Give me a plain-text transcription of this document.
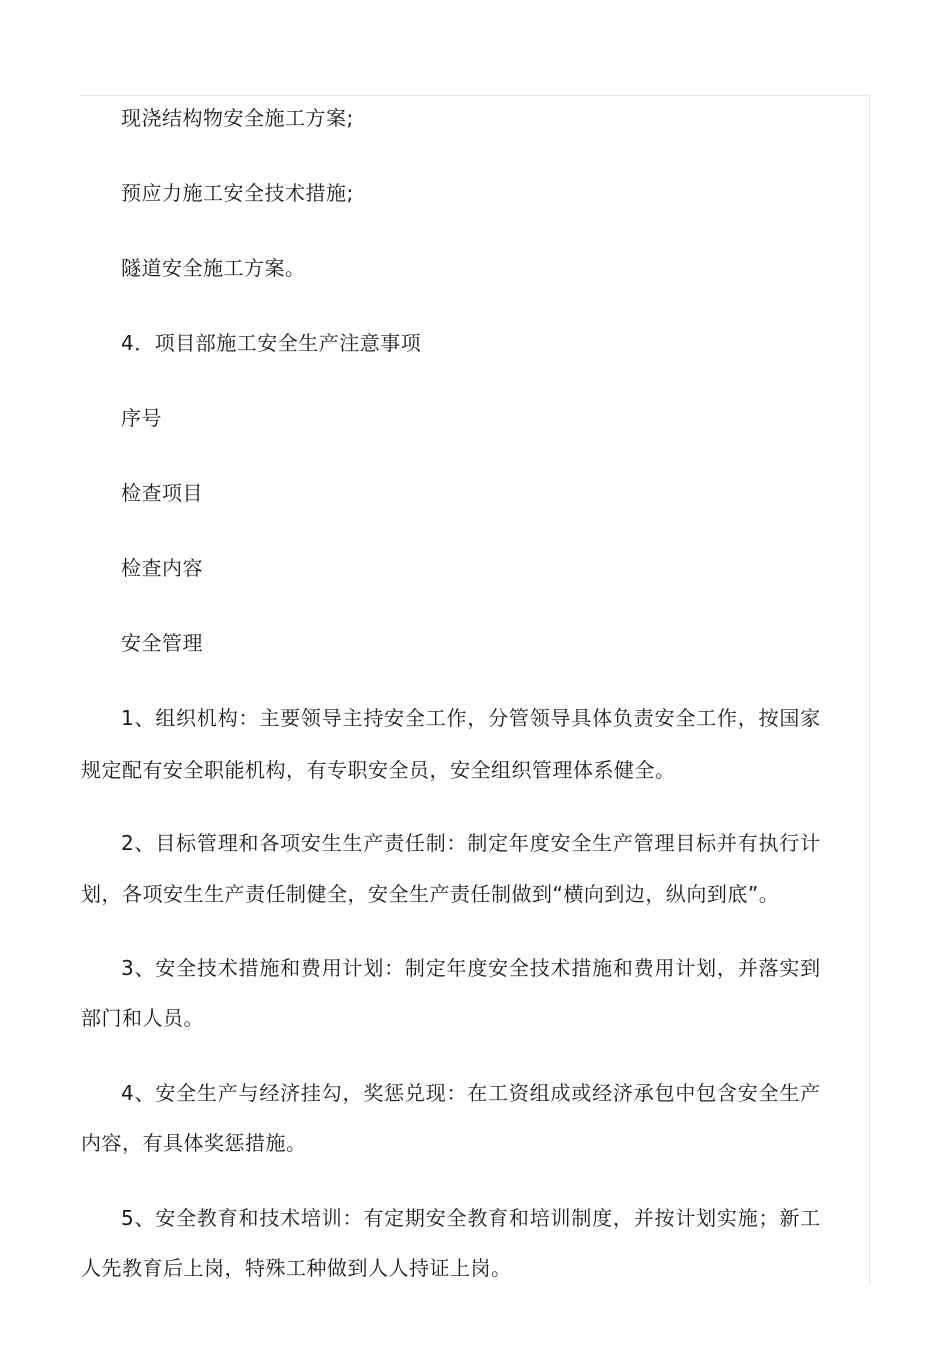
现浇结构物安全施工方案;
预应力施工安全技术措施;
隧道安全施工方案。
4．项目部施工安全生产注意事项
序号
检查项目
检查内容
安全管理
1、组织机构：主要领导主持安全工作，分管领导具体负责安全工作，按国家
规定配有安全职能机构，有专职安全员，安全组织管理体系健全。
2、目标管理和各项安生生产责任制：制定年度安全生产管理目标并有执行计
划，各项安生生产责任制健全，安全生产责任制做到“横向到边，纵向到底”。
3、安全技术措施和费用计划：制定年度安全技术措施和费用计划，并落实到
部门和人员。
4、安全生产与经济挂勾，奖惩兑现：在工资组成或经济承包中包含安全生产
内容，有具体奖惩措施。
5、安全教育和技术培训：有定期安全教育和培训制度，并按计划实施；新工
人先教育后上岗，特殊工种做到人人持证上岗。
